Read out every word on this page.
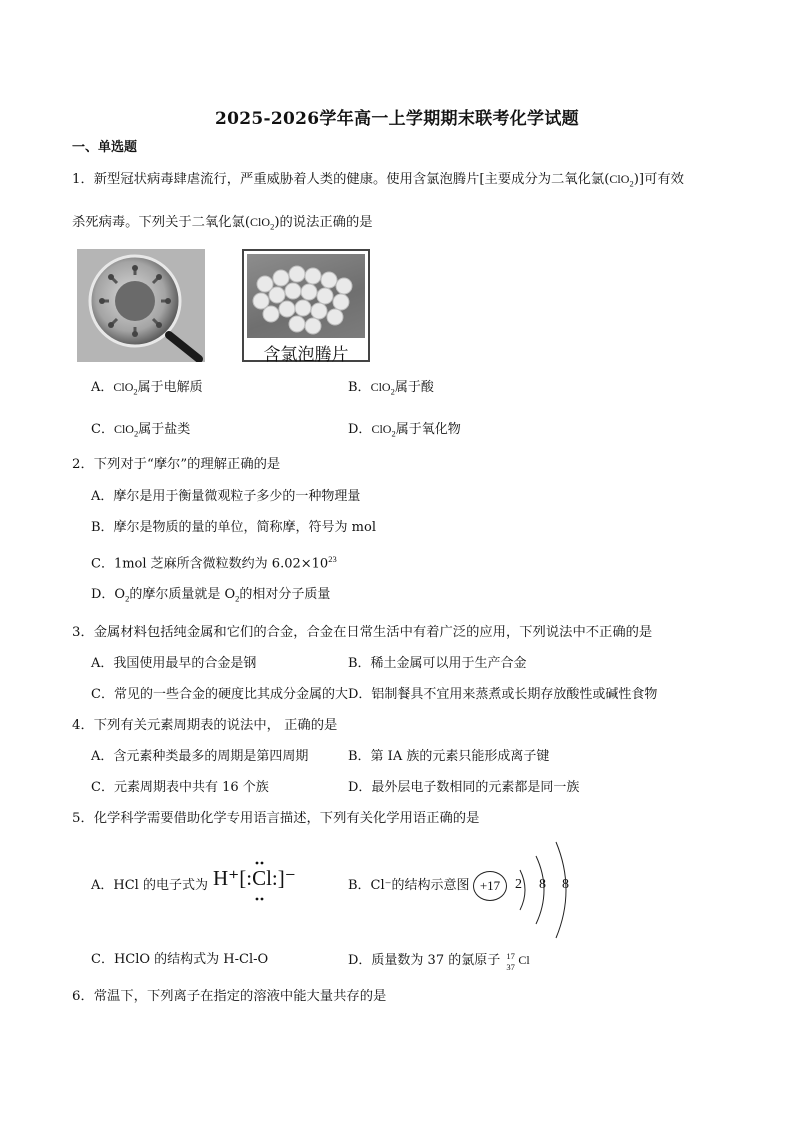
2025-2026学年高一上学期期末联考化学试题
一、单选题
1．新型冠状病毒肆虐流行，严重威胁着人类的健康。使用含氯泡腾片[主要成分为二氧化氯(ClO$_2$)]可有效
杀死病毒。下列关于二氧化氯(ClO$_2$)的说法正确的是
含氯泡腾片
A．ClO$_2$属于电解质	B．ClO$_2$属于酸
C．ClO$_2$属于盐类	D．ClO$_2$属于氧化物
2．下列对于“摩尔”的理解正确的是
A．摩尔是用于衡量微观粒子多少的一种物理量
B．摩尔是物质的量的单位，简称摩，符号为 mol
C．1mol 芝麻所含微粒数约为 $6.02\times 10^{23}$
D．$O_2$的摩尔质量就是 $O_2$的相对分子质量
3．金属材料包括纯金属和它们的合金，合金在日常生活中有着广泛的应用，下列说法中不正确的是
A．我国使用最早的合金是钢	B．稀土金属可以用于生产合金
C．常见的一些合金的硬度比其成分金属的大 D．铝制餐具不宜用来蒸煮或长期存放酸性或碱性食物
4．下列有关元素周期表的说法中， 正确的是
A．含元素种类最多的周期是第四周期	B．第 IA 族的元素只能形成离子键
C．元素周期表中共有 16 个族	D．最外层电子数相同的元素都是同一族
5．化学科学需要借助化学专用语言描述，下列有关化学用语正确的是
A．HCl 的电子式为 H⁺[:Cl:]⁻	B．Cl⁻的结构示意图 +17	2 8 8
C．HClO 的结构式为 H-Cl-O	D．质量数为 37 的氯原子 17
37 Cl
6．常温下，下列离子在指定的溶液中能大量共存的是
